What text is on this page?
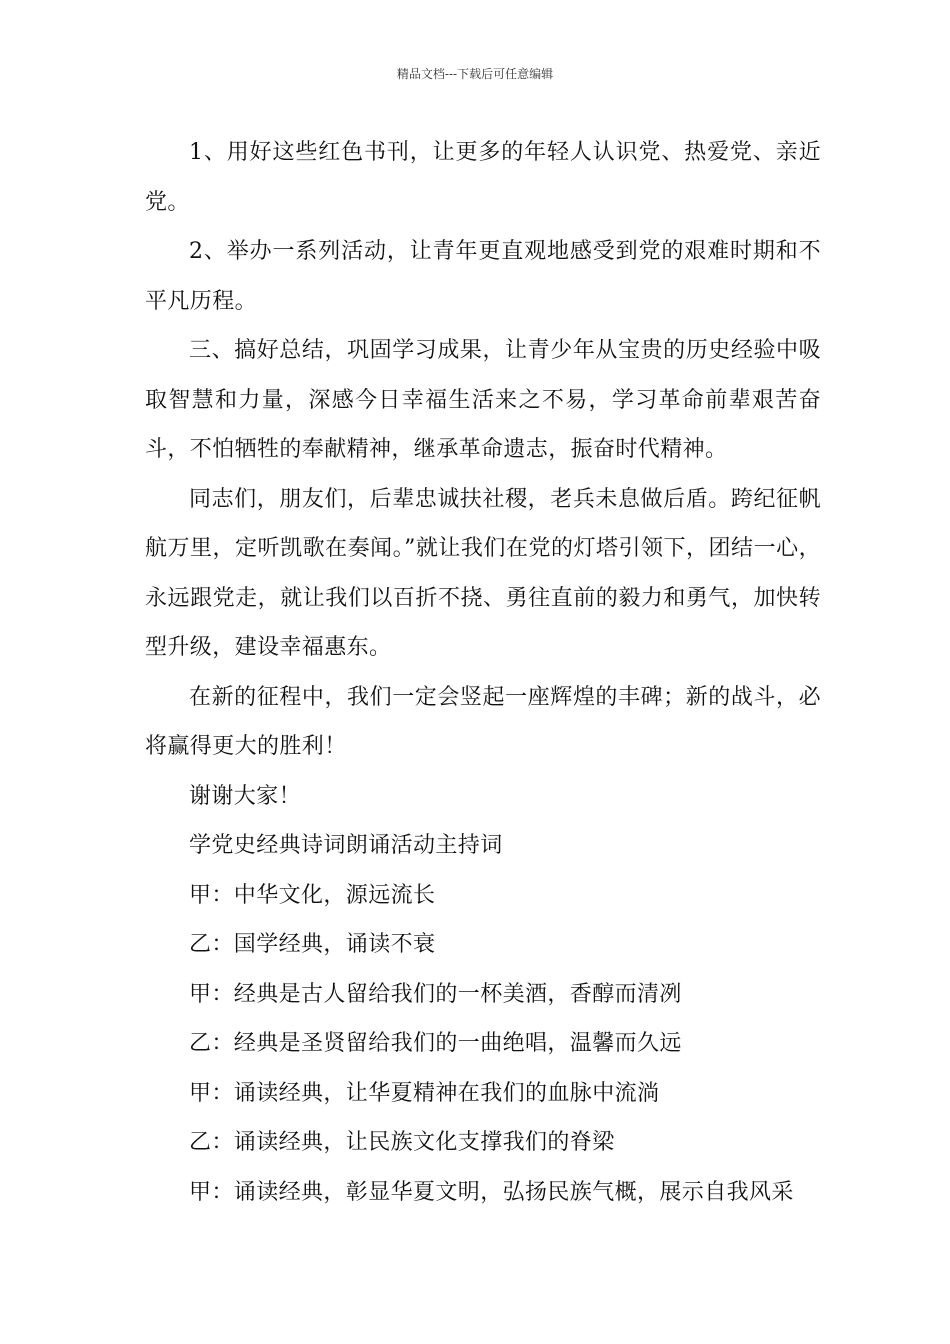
精品文档---下载后可任意编辑

1、用好这些红色书刊，让更多的年轻人认识党、热爱党、亲近党。

2、举办一系列活动，让青年更直观地感受到党的艰难时期和不平凡历程。

三、搞好总结，巩固学习成果，让青少年从宝贵的历史经验中吸取智慧和力量，深感今日幸福生活来之不易，学习革命前辈艰苦奋斗，不怕牺牲的奉献精神，继承革命遗志，振奋时代精神。

同志们，朋友们，后辈忠诚扶社稷，老兵未息做后盾。跨纪征帆航万里，定听凯歌在奏闻。”就让我们在党的灯塔引领下，团结一心，永远跟党走，就让我们以百折不挠、勇往直前的毅力和勇气，加快转型升级，建设幸福惠东。

在新的征程中，我们一定会竖起一座辉煌的丰碑；新的战斗，必将赢得更大的胜利！

谢谢大家！

学党史经典诗词朗诵活动主持词

甲：中华文化，源远流长

乙：国学经典，诵读不衰

甲：经典是古人留给我们的一杯美酒，香醇而清冽

乙：经典是圣贤留给我们的一曲绝唱，温馨而久远

甲：诵读经典，让华夏精神在我们的血脉中流淌

乙：诵读经典，让民族文化支撑我们的脊梁

甲：诵读经典，彰显华夏文明，弘扬民族气概，展示自我风采
